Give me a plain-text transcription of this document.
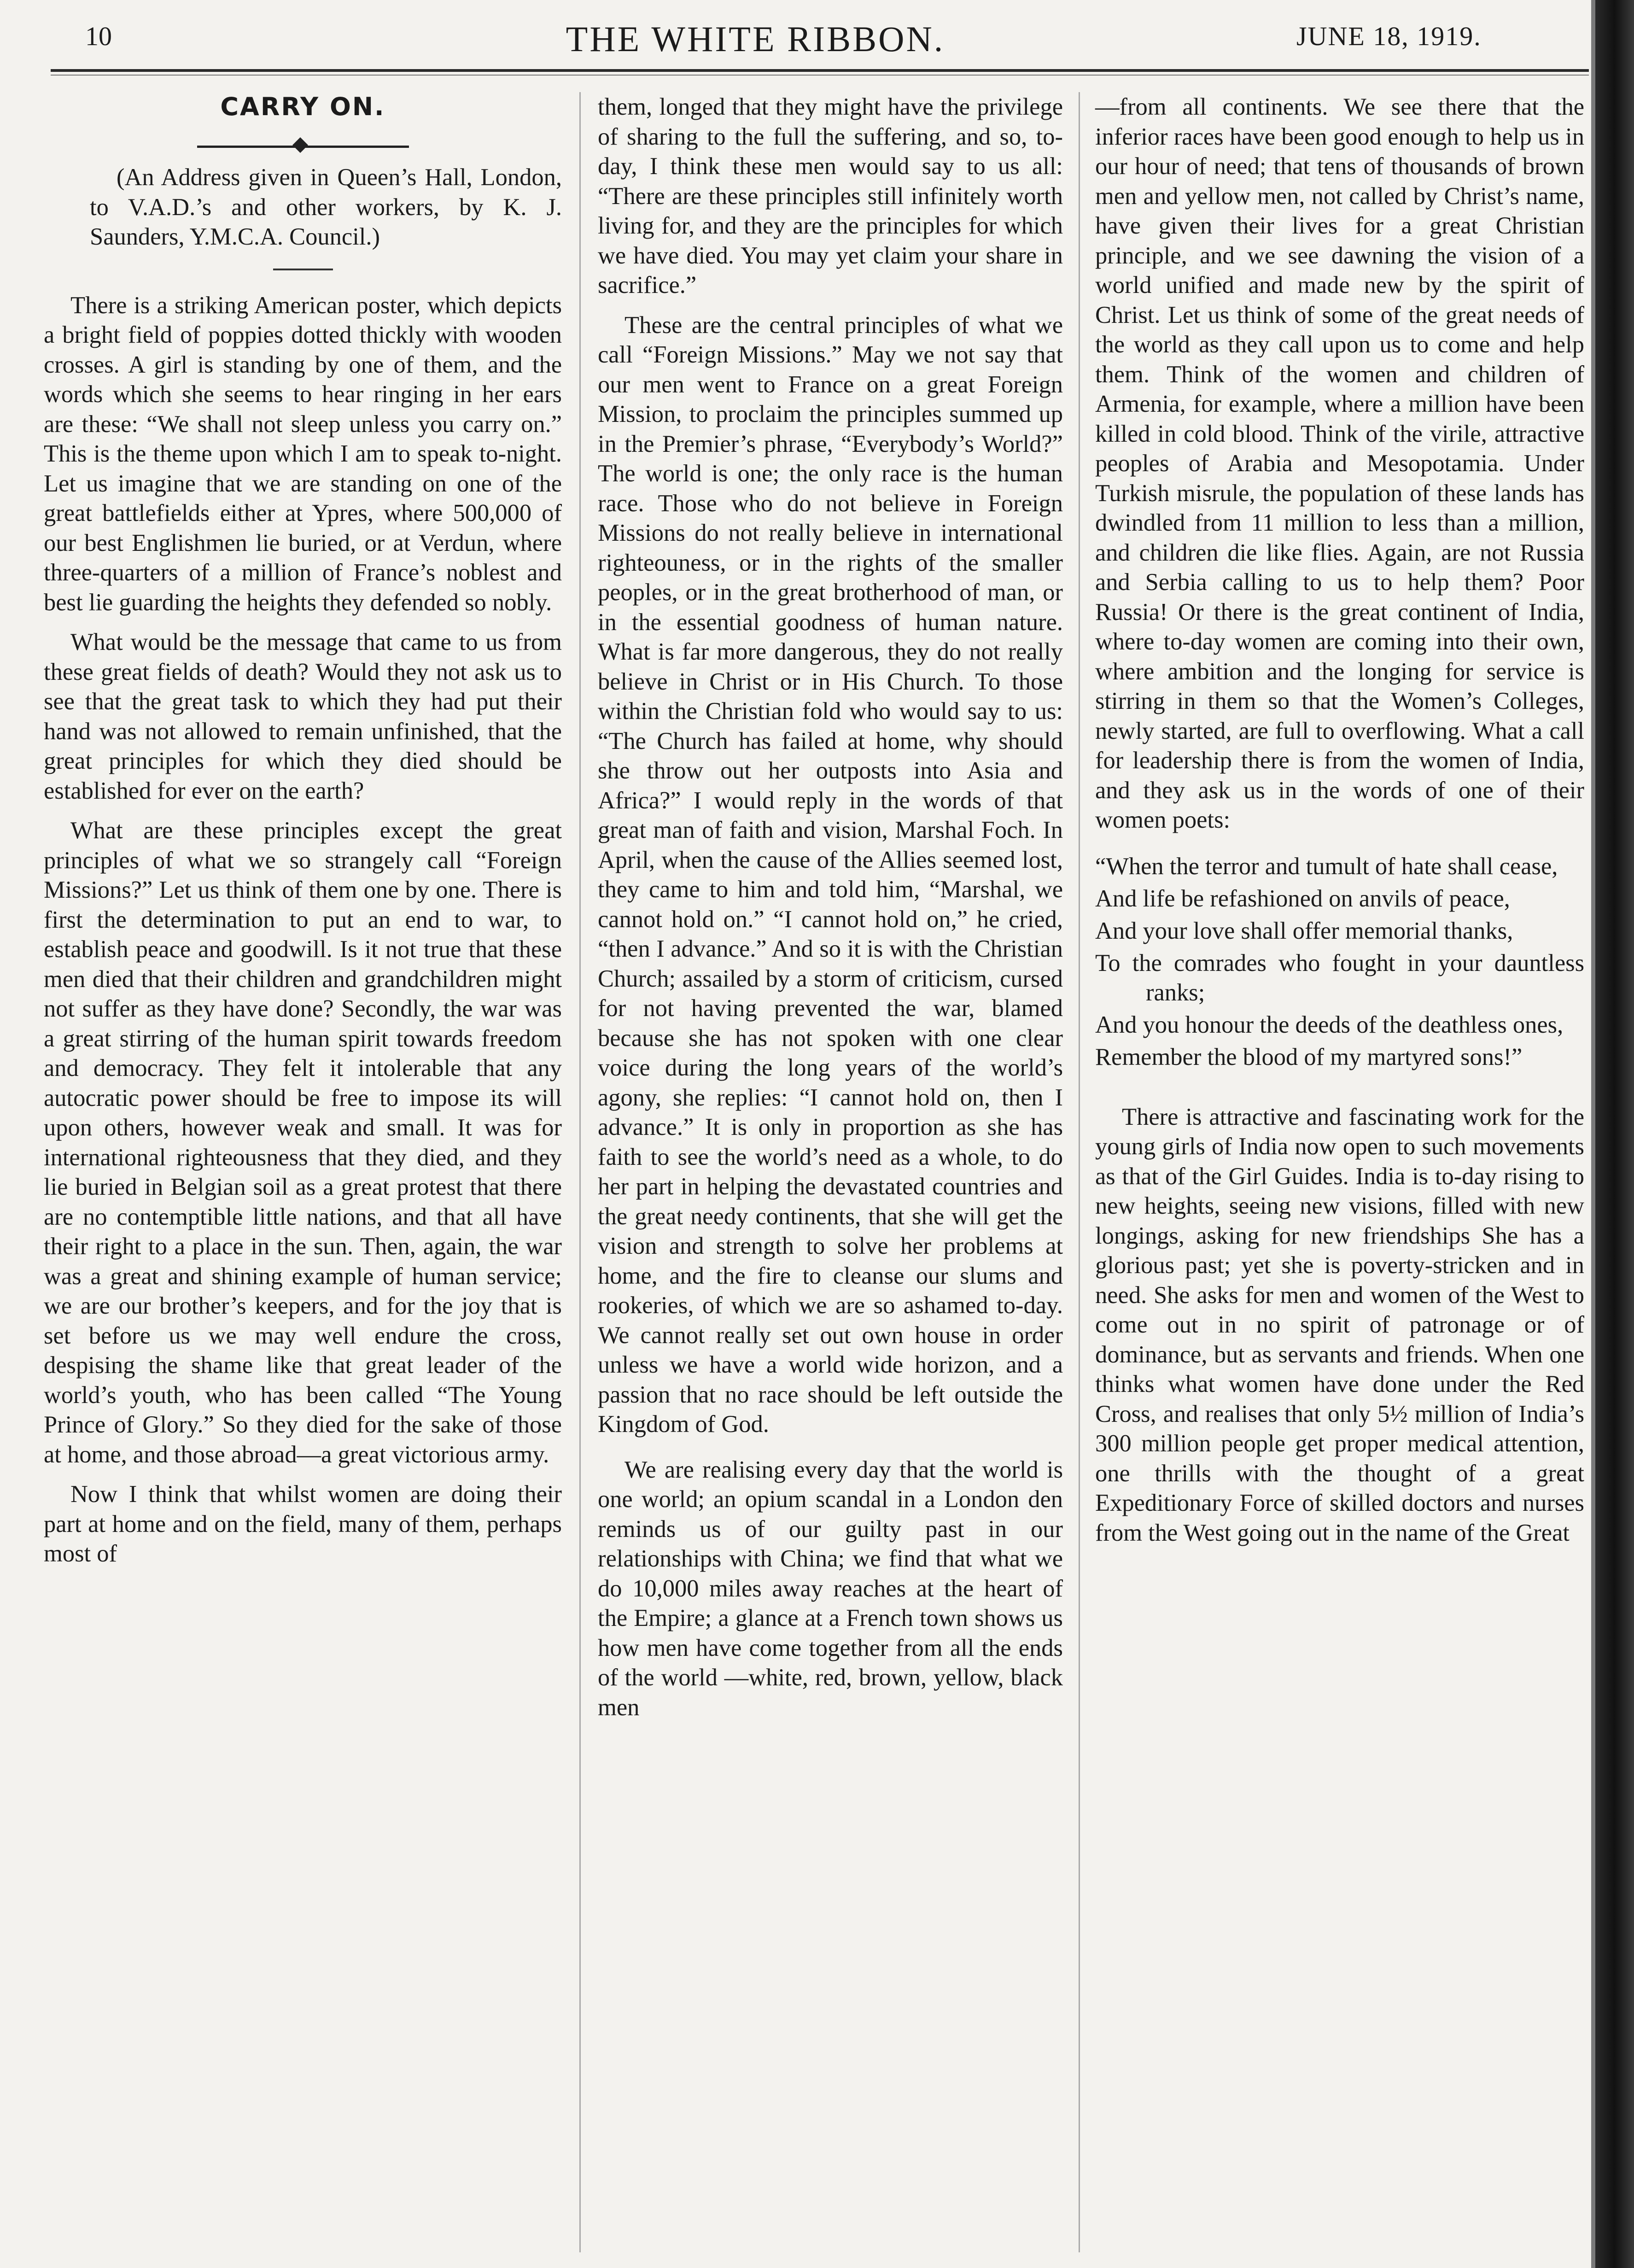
10	THE WHITE RIBBON.	JUNE 18, 1919.
CARRY ON.

(An Address given in Queen’s Hall, London, to V.A.D.’s and other workers, by K. J. Saunders, Y.M.C.A. Council.)

There is a striking American poster, which depicts a bright field of poppies dotted thickly with wooden crosses. A girl is standing by one of them, and the words which she seems to hear ringing in her ears are these: “We shall not sleep unless you carry on.” This is the theme upon which I am to speak to-night. Let us imagine that we are standing on one of the great battlefields either at Ypres, where 500,000 of our best Englishmen lie buried, or at Verdun, where three-quarters of a million of France’s noblest and best lie guarding the heights they defended so nobly.

What would be the message that came to us from these great fields of death? Would they not ask us to see that the great task to which they had put their hand was not allowed to remain unfinished, that the great principles for which they died should be established for ever on the earth?

What are these principles except the great principles of what we so strangely call “Foreign Missions?” Let us think of them one by one. There is first the determination to put an end to war, to establish peace and goodwill. Is it not true that these men died that their children and grandchildren might not suffer as they have done? Secondly, the war was a great stirring of the human spirit towards freedom and democracy. They felt it intolerable that any autocratic power should be free to impose its will upon others, however weak and small. It was for international righteousness that they died, and they lie buried in Belgian soil as a great protest that there are no contemptible little nations, and that all have their right to a place in the sun. Then, again, the war was a great and shining example of human service; we are our brother’s keepers, and for the joy that is set before us we may well endure the cross, despising the shame like that great leader of the world’s youth, who has been called “The Young Prince of Glory.” So they died for the sake of those at home, and those abroad—a great victorious army.

Now I think that whilst women are doing their part at home and on the field, many of them, perhaps most of

them, longed that they might have the privilege of sharing to the full the suffering, and so, to-day, I think these men would say to us all: “There are these principles still infinitely worth living for, and they are the principles for which we have died. You may yet claim your share in sacrifice.”

These are the central principles of what we call “Foreign Missions.” May we not say that our men went to France on a great Foreign Mission, to proclaim the principles summed up in the Premier’s phrase, “Everybody’s World?” The world is one; the only race is the human race. Those who do not believe in Foreign Missions do not really believe in international righteouness, or in the rights of the smaller peoples, or in the great brotherhood of man, or in the essential goodness of human nature. What is far more dangerous, they do not really believe in Christ or in His Church. To those within the Christian fold who would say to us: “The Church has failed at home, why should she throw out her outposts into Asia and Africa?” I would reply in the words of that great man of faith and vision, Marshal Foch. In April, when the cause of the Allies seemed lost, they came to him and told him, “Marshal, we cannot hold on.” “I cannot hold on,” he cried, “then I advance.” And so it is with the Christian Church; assailed by a storm of criticism, cursed for not having prevented the war, blamed because she has not spoken with one clear voice during the long years of the world’s agony, she replies: “I cannot hold on, then I advance.” It is only in proportion as she has faith to see the world’s need as a whole, to do her part in helping the devastated countries and the great needy continents, that she will get the vision and strength to solve her problems at home, and the fire to cleanse our slums and rookeries, of which we are so ashamed to-day. We cannot really set out own house in order unless we have a world wide horizon, and a passion that no race should be left outside the Kingdom of God.

We are realising every day that the world is one world; an opium scandal in a London den reminds us of our guilty past in our relationships with China; we find that what we do 10,000 miles away reaches at the heart of the Empire; a glance at a French town shows us how men have come together from all the ends of the world —white, red, brown, yellow, black men

—from all continents. We see there that the inferior races have been good enough to help us in our hour of need; that tens of thousands of brown men and yellow men, not called by Christ’s name, have given their lives for a great Christian principle, and we see dawning the vision of a world unified and made new by the spirit of Christ. Let us think of some of the great needs of the world as they call upon us to come and help them. Think of the women and children of Armenia, for example, where a million have been killed in cold blood. Think of the virile, attractive peoples of Arabia and Mesopotamia. Under Turkish misrule, the population of these lands has dwindled from 11 million to less than a million, and children die like flies. Again, are not Russia and Serbia calling to us to help them? Poor Russia! Or there is the great continent of India, where to-day women are coming into their own, where ambition and the longing for service is stirring in them so that the Women’s Colleges, newly started, are full to overflowing. What a call for leadership there is from the women of India, and they ask us in the words of one of their women poets:

“When the terror and tumult of hate shall cease,

And life be refashioned on anvils of peace,

And your love shall offer memorial thanks,

To the comrades who fought in your dauntless ranks;

And you honour the deeds of the deathless ones,

Remember the blood of my martyred sons!”

There is attractive and fascinating work for the young girls of India now open to such movements as that of the Girl Guides. India is to-day rising to new heights, seeing new visions, filled with new longings, asking for new friendships She has a glorious past; yet she is poverty-stricken and in need. She asks for men and women of the West to come out in no spirit of patronage or of dominance, but as servants and friends. When one thinks what women have done under the Red Cross, and realises that only 5½ million of India’s 300 million people get proper medical attention, one thrills with the thought of a great Expeditionary Force of skilled doctors and nurses from the West going out in the name of the Great
